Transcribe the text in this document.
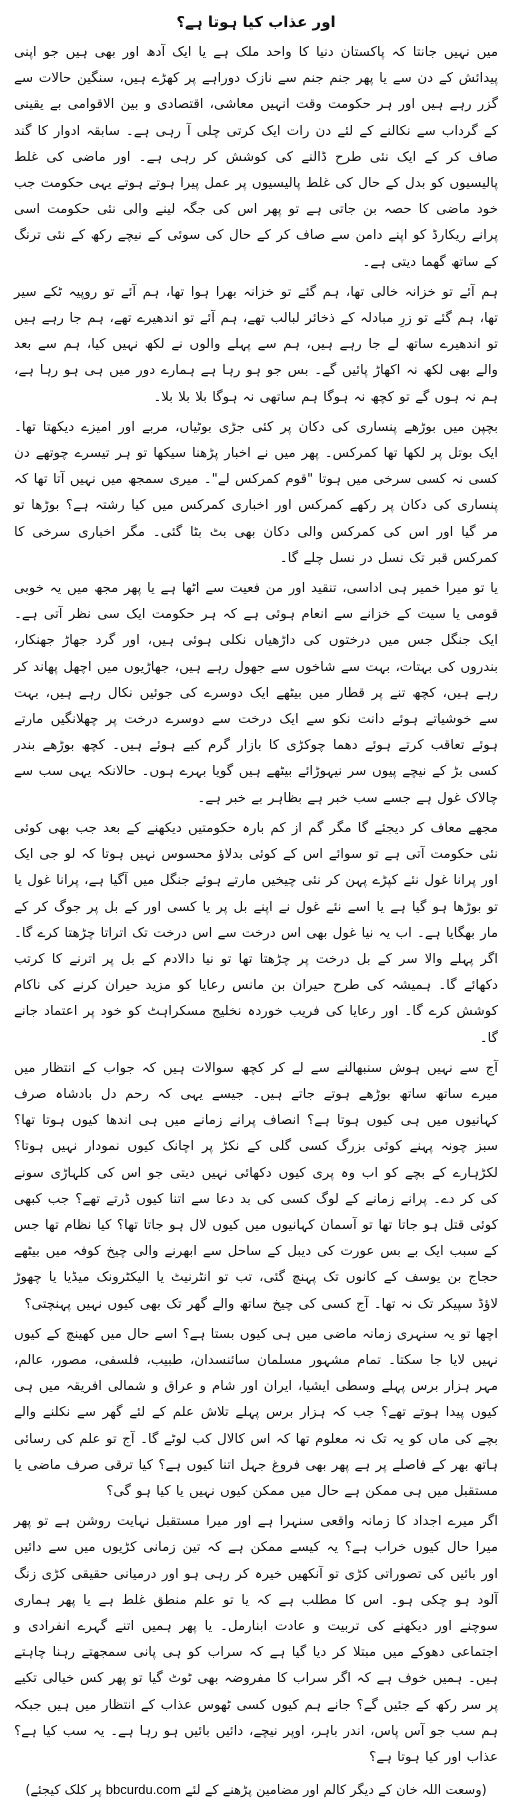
اور عذاب کیا ہوتا ہے؟

میں نہیں جانتا کہ پاکستان دنیا کا واحد ملک ہے یا ایک آدھ اور بھی ہیں جو اپنی پیدائش کے دن سے یا پھر جنم جنم سے نازک دوراہے پر کھڑے ہیں، سنگین حالات سے گزر رہے ہیں اور ہر حکومت وقت انہیں معاشی، اقتصادی و بین الاقوامی بے یقینی کے گرداب سے نکالنے کے لئے دن رات ایک کرتی چلی آ رہی ہے۔ سابقہ ادوار کا گند صاف کر کے ایک نئی طرح ڈالنے کی کوشش کر رہی ہے۔ اور ماضی کی غلط پالیسیوں کو بدل کے حال کی غلط پالیسیوں پر عمل پیرا ہوتے ہوتے یہی حکومت جب خود ماضی کا حصہ بن جاتی ہے تو پھر اس کی جگہ لینے والی نئی حکومت اسی پرانے ریکارڈ کو اپنے دامن سے صاف کر کے حال کی سوئی کے نیچے رکھ کے نئی ترنگ کے ساتھ گھما دیتی ہے۔

ہم آئے تو خزانہ خالی تھا، ہم گئے تو خزانہ بھرا ہوا تھا، ہم آئے تو روپیہ ٹکے سیر تھا، ہم گئے تو زرِ مبادلہ کے ذخائر لبالب تھے، ہم آئے تو اندھیرے تھے، ہم جا رہے ہیں تو اندھیرے ساتھ لے جا رہے ہیں، ہم سے پہلے والوں نے لکھ نہیں کیا، ہم سے بعد والے بھی لکھ نہ اکھاڑ پائیں گے۔ بس جو ہو رہا ہے ہمارے دور میں ہی ہو رہا ہے، ہم نہ ہوں گے تو کچھ نہ ہوگا ہم ساتھی نہ ہوگا بلا بلا بلا۔

بچپن میں بوڑھے پنساری کی دکان پر کئی جڑی بوٹیاں، مربے اور امیزے دیکھتا تھا۔ ایک بوتل پر لکھا تھا کمرکس۔ پھر میں نے اخبار پڑھنا سیکھا تو ہر تیسرے چوتھے دن کسی نہ کسی سرخی میں ہوتا "قوم کمرکس لے"۔ میری سمجھ میں نہیں آتا تھا کہ پنساری کی دکان پر رکھے کمرکس اور اخباری کمرکس میں کیا رشتہ ہے؟ بوڑھا تو مر گیا اور اس کی کمرکس والی دکان بھی بٹ بٹا گئی۔ مگر اخباری سرخی کا کمرکس قبر تک نسل در نسل چلے گا۔

یا تو میرا خمیر ہی اداسی، تنقید اور من فعیت سے اٹھا ہے یا پھر مجھ میں یہ خوبی قومی یا سیت کے خزانے سے انعام ہوئی ہے کہ ہر حکومت ایک سی نظر آتی ہے۔ ایک جنگل جس میں درختوں کی داڑھیاں نکلی ہوئی ہیں، اور گرد جھاڑ جھنکار، بندروں کی بہتات، بہت سے شاخوں سے جھول رہے ہیں، جھاڑیوں میں اچھل پھاند کر رہے ہیں، کچھ تنے پر قطار میں بیٹھے ایک دوسرے کی جوئیں نکال رہے ہیں، بہت سے خوشیاتے ہوئے دانت نکو سے ایک درخت سے دوسرے درخت پر چھلانگیں مارتے ہوئے تعاقب کرتے ہوئے دھما چوکڑی کا بازار گرم کیے ہوئے ہیں۔ کچھ بوڑھے بندر کسی بڑ کے نیچے پیوں سر نیہوڑائے بیٹھے ہیں گویا بہرے ہوں۔ حالانکہ یہی سب سے چالاک غول ہے جسے سب خبر ہے بظاہر بے خبر ہے۔

مجھے معاف کر دیجئے گا مگر گم از کم بارہ حکومتیں دیکھنے کے بعد جب بھی کوئی نئی حکومت آتی ہے تو سوائے اس کے کوئی بدلاؤ محسوس نہیں ہوتا کہ لو جی ایک اور پرانا غول نئے کپڑے پہن کر نئی چیخیں مارتے ہوئے جنگل میں آگیا ہے، پرانا غول یا تو بوڑھا ہو گیا ہے یا اسے نئے غول نے اپنے بل پر یا کسی اور کے بل پر جوگ کر کے مار بھگایا ہے۔ اب یہ نیا غول بھی اس درخت سے اس درخت تک اتراتا چڑھتا کرے گا۔ اگر پہلے والا سر کے بل درخت پر چڑھتا تھا تو نیا دالادم کے بل پر اترنے کا کرتب دکھائے گا۔ ہمیشہ کی طرح حیران بن مانس رعایا کو مزید حیران کرنے کی ناکام کوشش کرے گا۔ اور رعایا کی فریب خوردہ نخلیج مسکراہٹ کو خود پر اعتماد جانے گا۔

آج سے نہیں ہوش سنبھالنے سے لے کر کچھ سوالات ہیں کہ جواب کے انتظار میں میرے ساتھ ساتھ بوڑھے ہوتے جاتے ہیں۔ جیسے یہی کہ رحم دل بادشاہ صرف کہانیوں میں ہی کیوں ہوتا ہے؟ انصاف پرانے زمانے میں ہی اندھا کیوں ہوتا تھا؟ سبز چونہ پہنے کوئی بزرگ کسی گلی کے نکڑ پر اچانک کیوں نمودار نہیں ہوتا؟ لکڑہارے کے بچے کو اب وہ پری کیوں دکھائی نہیں دیتی جو اس کی کلہاڑی سونے کی کر دے۔ پرانے زمانے کے لوگ کسی کی بد دعا سے اتنا کیوں ڈرتے تھے؟ جب کبھی کوئی قتل ہو جاتا تھا تو آسمان کہانیوں میں کیوں لال ہو جاتا تھا؟ کیا نظام تھا جس کے سبب ایک بے بس عورت کی دیبل کے ساحل سے ابھرنے والی چیخ کوفہ میں بیٹھے حجاج بن یوسف کے کانوں تک پہنچ گئی، تب تو انٹرنیٹ یا الیکٹرونک میڈیا یا چھوڑ لاؤڈ سپیکر تک نہ تھا۔ آج کسی کی چیخ ساتھ والے گھر تک بھی کیوں نہیں پہنچتی؟

اچھا تو یہ سنہری زمانہ ماضی میں ہی کیوں بستا ہے؟ اسے حال میں کھینچ کے کیوں نہیں لایا جا سکتا۔ تمام مشہور مسلمان سائنسدان، طبیب، فلسفی، مصور، عالم، مہر ہزار برس پہلے وسطی ایشیا، ایران اور شام و عراق و شمالی افریقہ میں ہی کیوں پیدا ہوتے تھے؟ جب کہ ہزار برس پہلے تلاش علم کے لئے گھر سے نکلنے والے بچے کی ماں کو یہ تک نہ معلوم تھا کہ اس کالال کب لوٹے گا۔ آج تو علم کی رسائی ہاتھ بھر کے فاصلے پر ہے پھر بھی فروغ جہل اتنا کیوں ہے؟ کیا ترقی صرف ماضی یا مستقبل میں ہی ممکن ہے حال میں ممکن کیوں نہیں یا کیا ہو گی؟

اگر میرے اجداد کا زمانہ واقعی سنہرا ہے اور میرا مستقبل نہایت روشن ہے تو پھر میرا حال کیوں خراب ہے؟ یہ کیسے ممکن ہے کہ تین زمانی کڑیوں میں سے دائیں اور بائیں کی تصوراتی کڑی تو آنکھیں خیرہ کر رہی ہو اور درمیانی حقیقی کڑی زنگ آلود ہو چکی ہو۔ اس کا مطلب ہے کہ یا تو علم منطق غلط ہے یا پھر ہماری سوچنے اور دیکھنے کی تربیت و عادت ابنارمل۔ یا پھر ہمیں اتنے گہرے انفرادی و اجتماعی دھوکے میں مبتلا کر دیا گیا ہے کہ سراب کو ہی پانی سمجھتے رہنا چاہتے ہیں۔ ہمیں خوف ہے کہ اگر سراب کا مفروضہ بھی ٹوٹ گیا تو پھر کس خیالی تکیے پر سر رکھ کے جئیں گے؟ جانے ہم کیوں کسی ٹھوس عذاب کے انتظار میں ہیں جبکہ ہم سب جو آس پاس، اندر باہر، اوپر نیچے، دائیں بائیں ہو رہا ہے۔ یہ سب کیا ہے؟ عذاب اور کیا ہوتا ہے؟

(وسعت اللہ خان کے دیگر کالم اور مضامین پڑھنے کے لئے bbcurdu.com پر کلک کیجئے)
